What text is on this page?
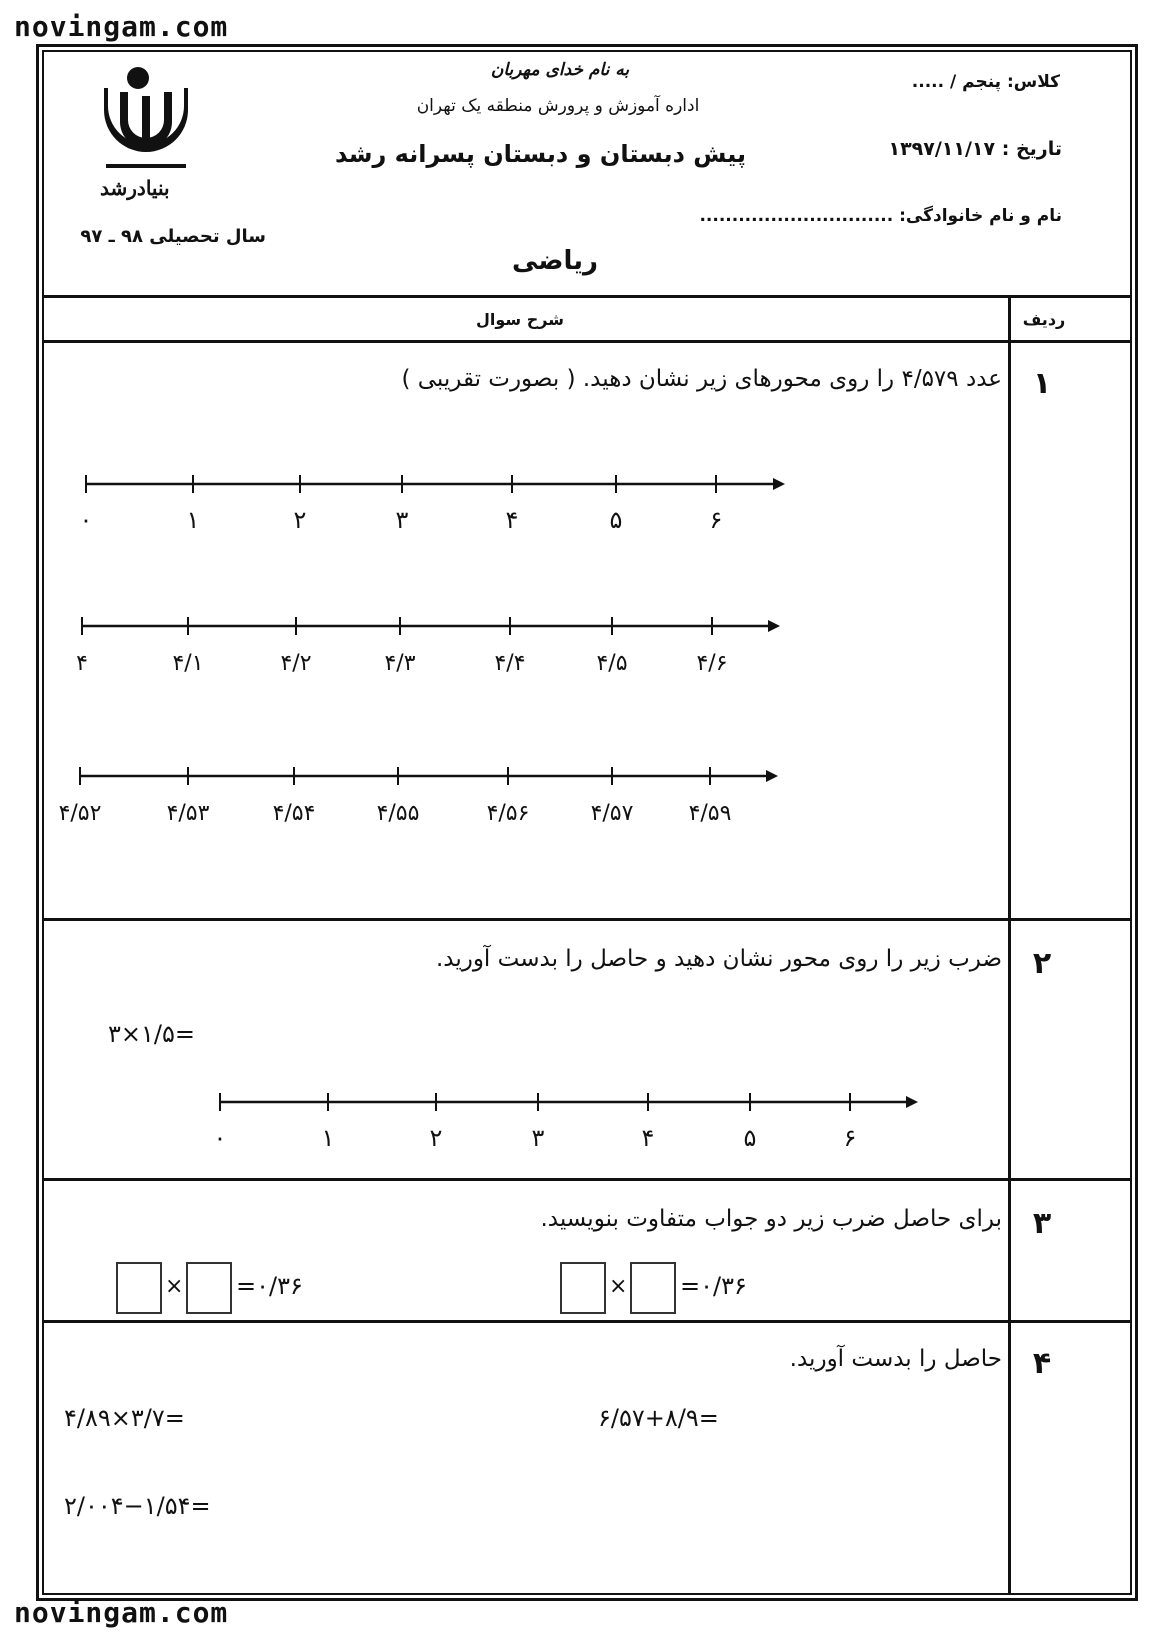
novingam.com
novingam.com
بنیادرشد
به نام خدای مهربان
اداره آموزش و پرورش منطقه یک تهران
پیش دبستان و دبستان پسرانه رشد
ریاضی
کلاس: پنجم / .....
تاریخ : ۱۳۹۷/۱۱/۱۷
نام و نام خانوادگی: ..............................
سال تحصیلی ۹۸ ـ ۹۷
ردیف
شرح سوال
۱
عدد ۴/۵۷۹ را روی محورهای زیر نشان دهید. ( بصورت تقریبی )
۰	۱	۲	۳	۴	۵	۶
۴	۴/۱	۴/۲	۴/۳	۴/۴	۴/۵	۴/۶
۴/۵۲	۴/۵۳	۴/۵۴	۴/۵۵	۴/۵۶	۴/۵۷	۴/۵۹
۲
ضرب زیر را روی محور نشان دهید و حاصل را بدست آورید.
۳×۱/۵=
۰	۱	۲	۳	۴	۵	۶
۳
برای حاصل ضرب زیر دو جواب متفاوت بنویسید.
× =۰/۳۶	× =۰/۳۶
۴
حاصل را بدست آورید.
۶/۵۷+۸/۹=
۴/۸۹×۳/۷=
۲/۰۰۴−۱/۵۴=
